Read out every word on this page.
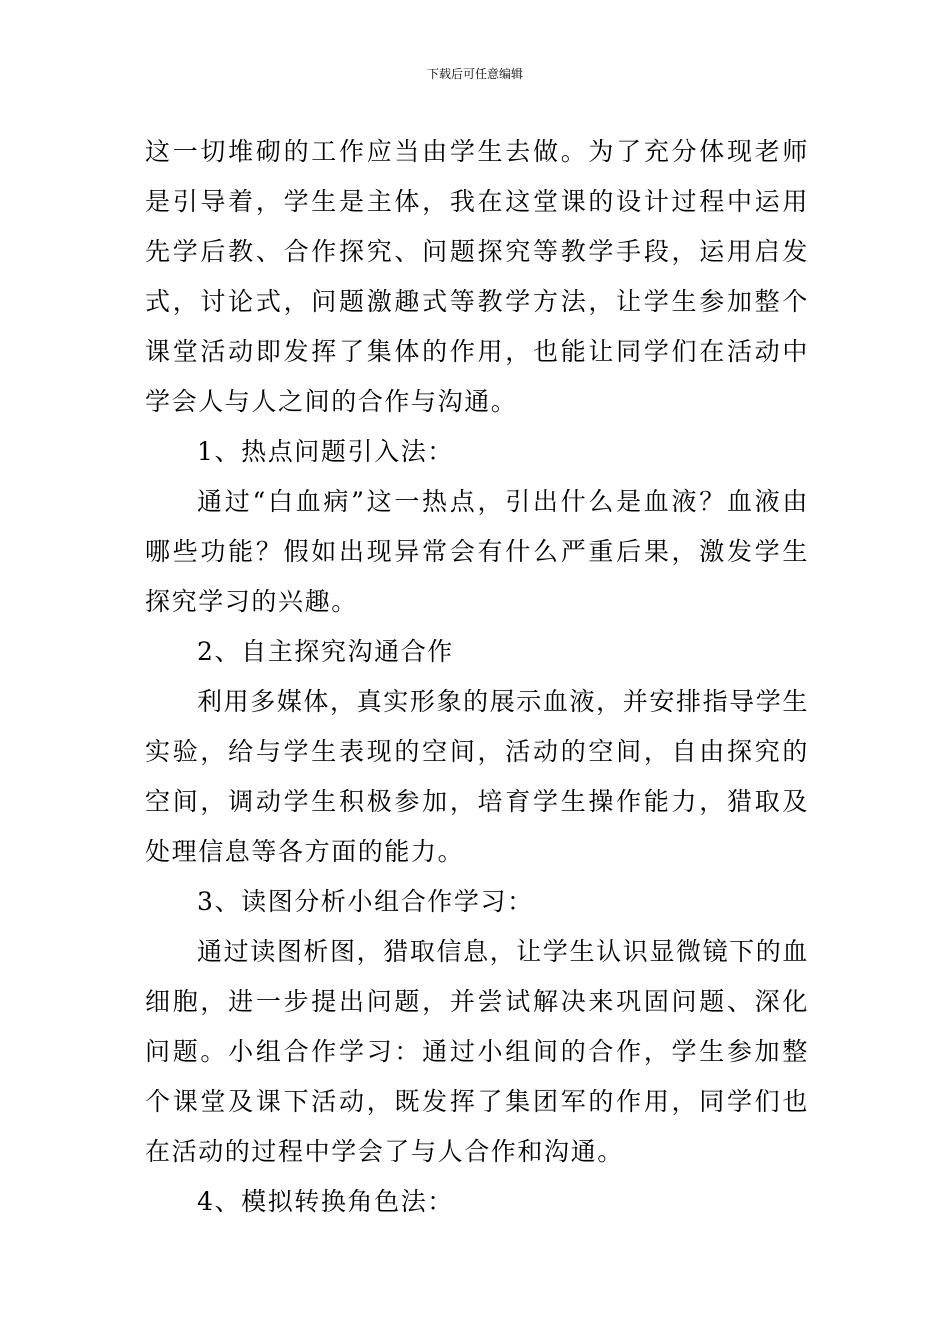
下载后可任意编辑

这一切堆砌的工作应当由学生去做。为了充分体现老师是引导着，学生是主体，我在这堂课的设计过程中运用先学后教、合作探究、问题探究等教学手段，运用启发式，讨论式，问题激趣式等教学方法，让学生参加整个课堂活动即发挥了集体的作用，也能让同学们在活动中学会人与人之间的合作与沟通。

1、热点问题引入法：

通过“白血病”这一热点，引出什么是血液？血液由哪些功能？假如出现异常会有什么严重后果，激发学生探究学习的兴趣。

2、自主探究沟通合作

利用多媒体，真实形象的展示血液，并安排指导学生实验，给与学生表现的空间，活动的空间，自由探究的空间，调动学生积极参加，培育学生操作能力，猎取及处理信息等各方面的能力。

3、读图分析小组合作学习：

通过读图析图，猎取信息，让学生认识显微镜下的血细胞，进一步提出问题，并尝试解决来巩固问题、深化问题。小组合作学习：通过小组间的合作，学生参加整个课堂及课下活动，既发挥了集团军的作用，同学们也在活动的过程中学会了与人合作和沟通。

4、模拟转换角色法：
